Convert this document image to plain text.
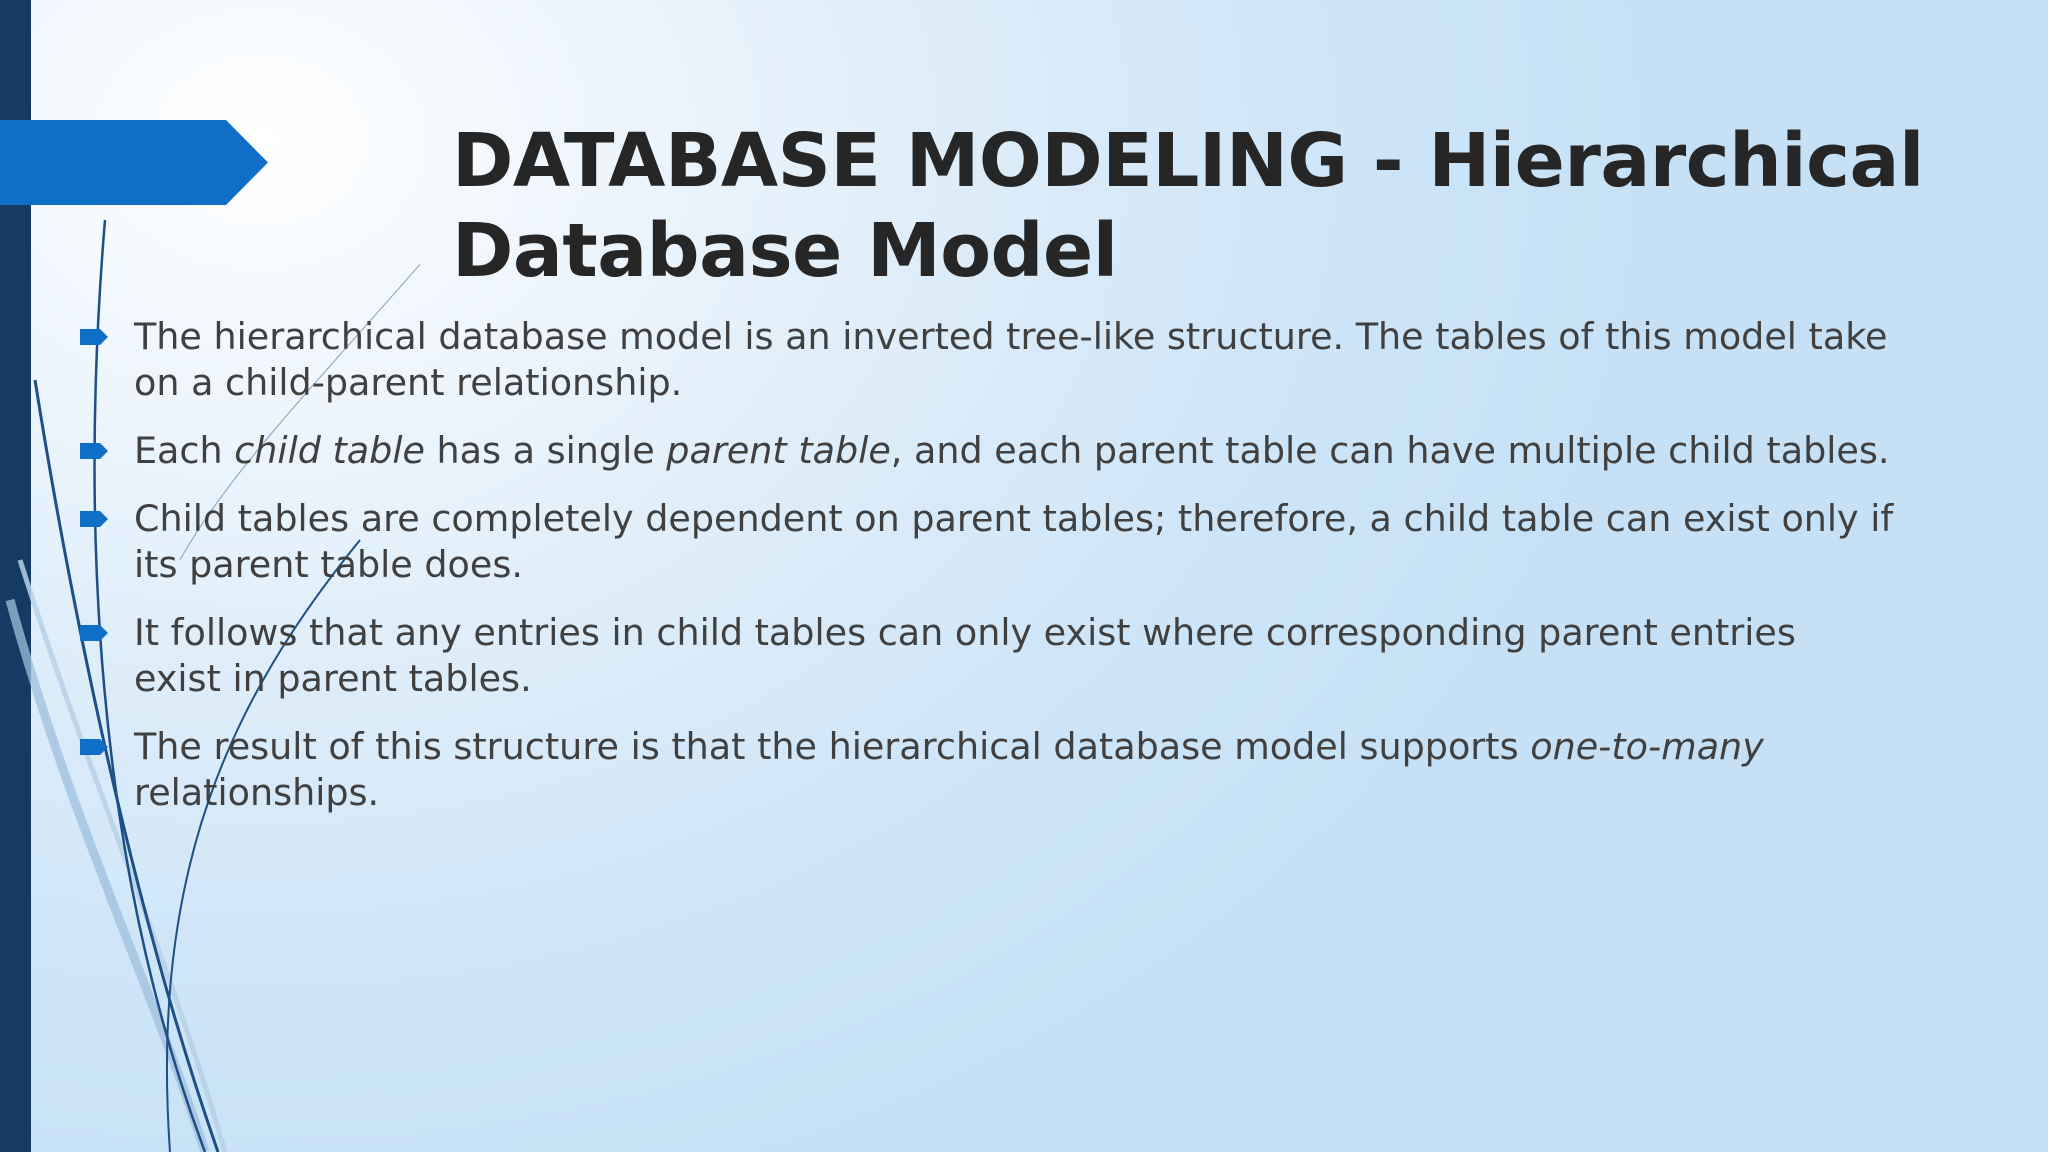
DATABASE MODELING - Hierarchical Database Model
The hierarchical database model is an inverted tree-like structure. The tables of this model take on a child-parent relationship.
Each child table has a single parent table, and each parent table can have multiple child tables.
Child tables are completely dependent on parent tables; therefore, a child table can exist only if its parent table does.
It follows that any entries in child tables can only exist where corresponding parent entries exist in parent tables.
The result of this structure is that the hierarchical database model supports one-to-many relationships.
